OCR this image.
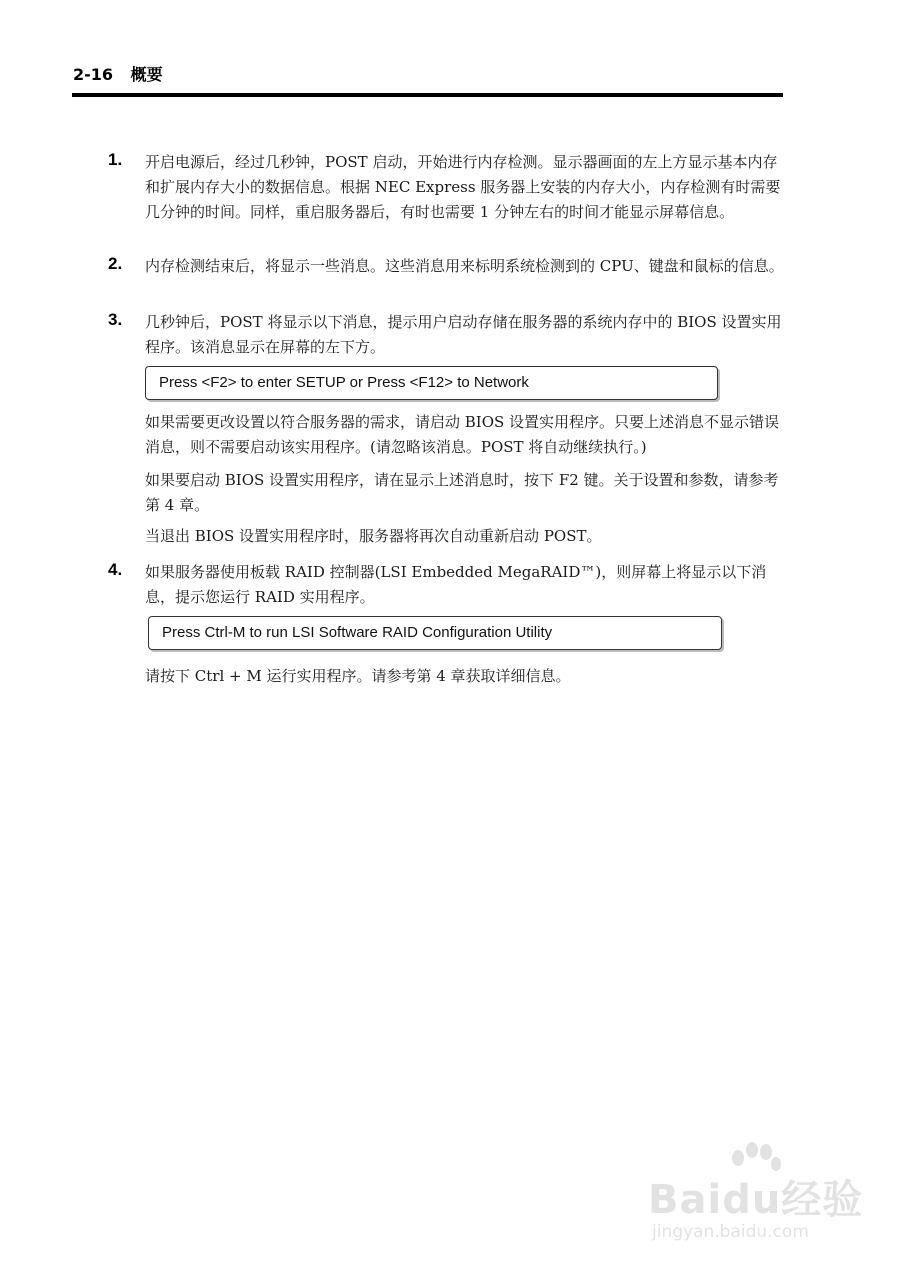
2-16 概要
1. 开启电源后，经过几秒钟，POST 启动，开始进行内存检测。显示器画面的左上方显示基本内存和扩展内存大小的数据信息。根据 NEC Express 服务器上安装的内存大小，内存检测有时需要几分钟的时间。同样，重启服务器后，有时也需要 1 分钟左右的时间才能显示屏幕信息。
2. 内存检测结束后，将显示一些消息。这些消息用来标明系统检测到的 CPU、键盘和鼠标的信息。
3. 几秒钟后，POST 将显示以下消息，提示用户启动存储在服务器的系统内存中的 BIOS 设置实用程序。该消息显示在屏幕的左下方。
Press <F2> to enter SETUP or Press <F12> to Network
如果需要更改设置以符合服务器的需求，请启动 BIOS 设置实用程序。只要上述消息不显示错误消息，则不需要启动该实用程序。(请忽略该消息。POST 将自动继续执行。)
如果要启动 BIOS 设置实用程序，请在显示上述消息时，按下 F2 键。关于设置和参数，请参考第 4 章。
当退出 BIOS 设置实用程序时，服务器将再次自动重新启动 POST。
4. 如果服务器使用板载 RAID 控制器(LSI Embedded MegaRAID™)，则屏幕上将显示以下消息，提示您运行 RAID 实用程序。
Press Ctrl-M to run LSI Software RAID Configuration Utility
请按下 Ctrl + M 运行实用程序。请参考第 4 章获取详细信息。
Baidu经验
jingyan.baidu.com
